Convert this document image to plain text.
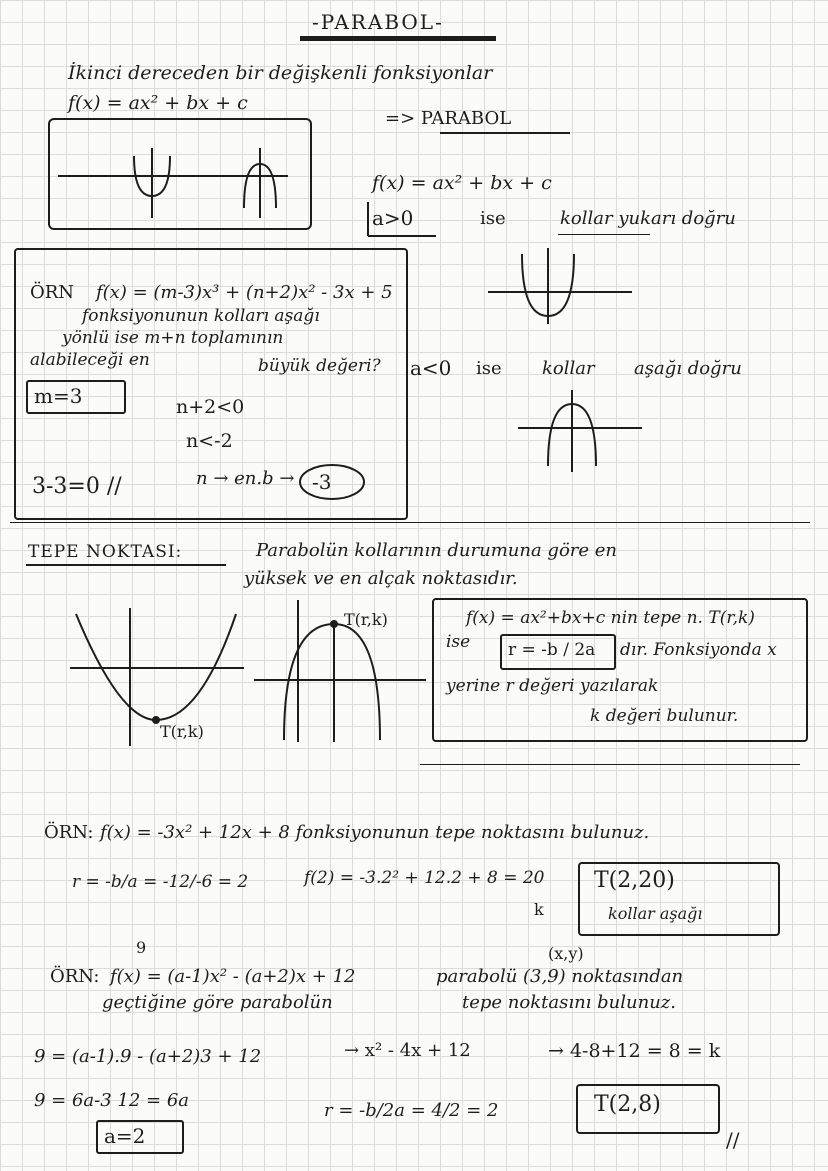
-PARABOL-
İkinci dereceden bir değişkenli fonksiyonlar
f(x) = ax² + bx + c
=> PARABOL
f(x) = ax² + bx + c
a>0	ise	kollar yukarı doğru
a<0 ise kollar aşağı doğru
ÖRN f(x) = (m-3)x³ + (n+2)x² - 3x + 5
fonksiyonunun kolları aşağı
yönlü ise m+n toplamının
alabileceği en	büyük değeri?
m=3	n+2<0
n<-2
n → en.b → -3
3-3=0 //
TEPE NOKTASI:	Parabolün kollarının durumuna göre en
yüksek ve en alçak noktasıdır.
T(r,k)
T(r,k)	f(x) = ax²+bx+c nin tepe n. T(r,k)
ise r = -b / 2a dır. Fonksiyonda x
yerine r değeri yazılarak
k değeri bulunur.
ÖRN: f(x) = -3x² + 12x + 8 fonksiyonunun tepe noktasını bulunuz.
r = -b/a = -12/-6 = 2	f(2) = -3.2² + 12.2 + 8 = 20
k
T(2,20)
kollar aşağı
9
ÖRN: f(x) = (a-1)x² - (a+2)x + 12
(x,y)
parabolü (3,9) noktasından
geçtiğine göre parabolün	tepe noktasını bulunuz.
9 = (a-1).9 - (a+2)3 + 12
9 = 6a-3 12 = 6a
a=2
→ x² - 4x + 12
r = -b/2a = 4/2 = 2
→ 4-8+12 = 8 = k
T(2,8)
//
